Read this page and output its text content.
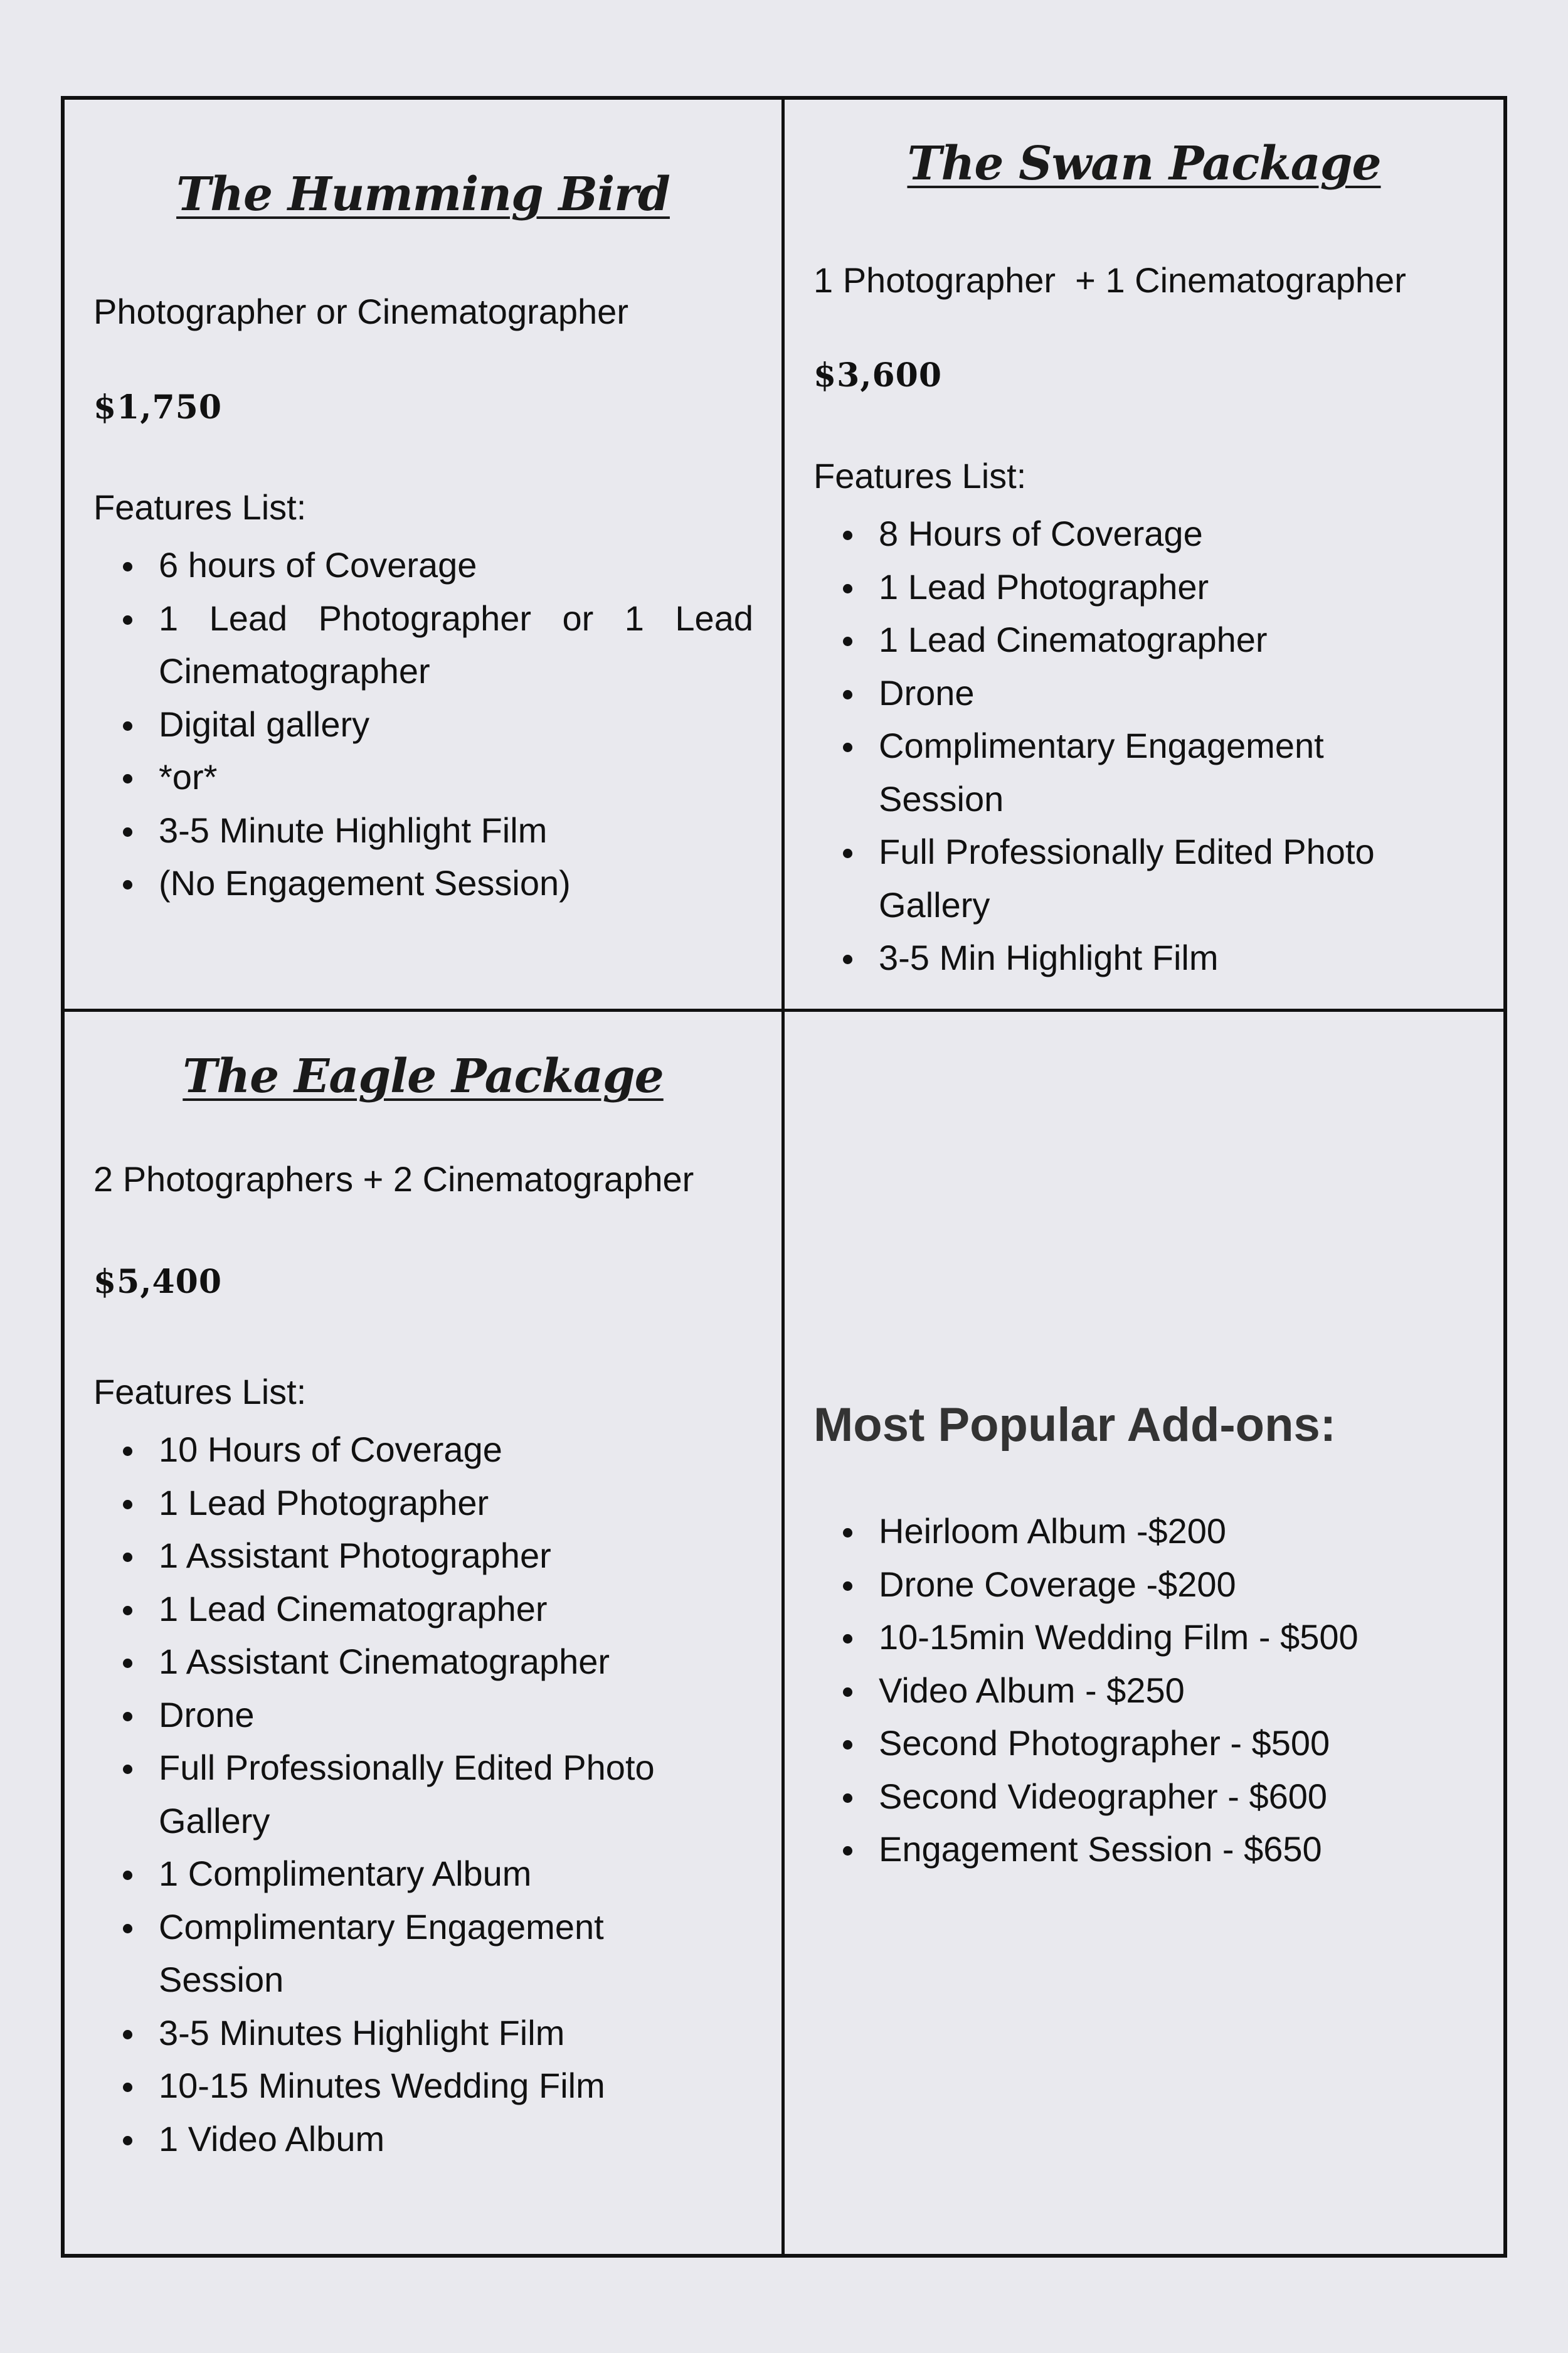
The Humming Bird

Photographer or Cinematographer

$1,750

Features List:

6 hours of Coverage
1 Lead Photographer or 1 Lead Cinematographer
Digital gallery
*or*
3-5 Minute Highlight Film
(No Engagement Session)
The Swan Package

1 Photographer  + 1 Cinematographer

$3,600

Features List:

8 Hours of Coverage
1 Lead Photographer
1 Lead Cinematographer
Drone
Complimentary Engagement Session
Full Professionally Edited Photo Gallery
3-5 Min Highlight Film
The Eagle Package

2 Photographers + 2 Cinematographer

$5,400

Features List:

10 Hours of Coverage
1 Lead Photographer
1 Assistant Photographer
1 Lead Cinematographer
1 Assistant Cinematographer
Drone
Full Professionally Edited Photo Gallery
1 Complimentary Album
Complimentary Engagement Session
3-5 Minutes Highlight Film
10-15 Minutes Wedding Film
1 Video Album
Most Popular Add-ons:
Heirloom Album -$200
Drone Coverage -$200
10-15min Wedding Film - $500
Video Album - $250
Second Photographer - $500
Second Videographer - $600
Engagement Session - $650
